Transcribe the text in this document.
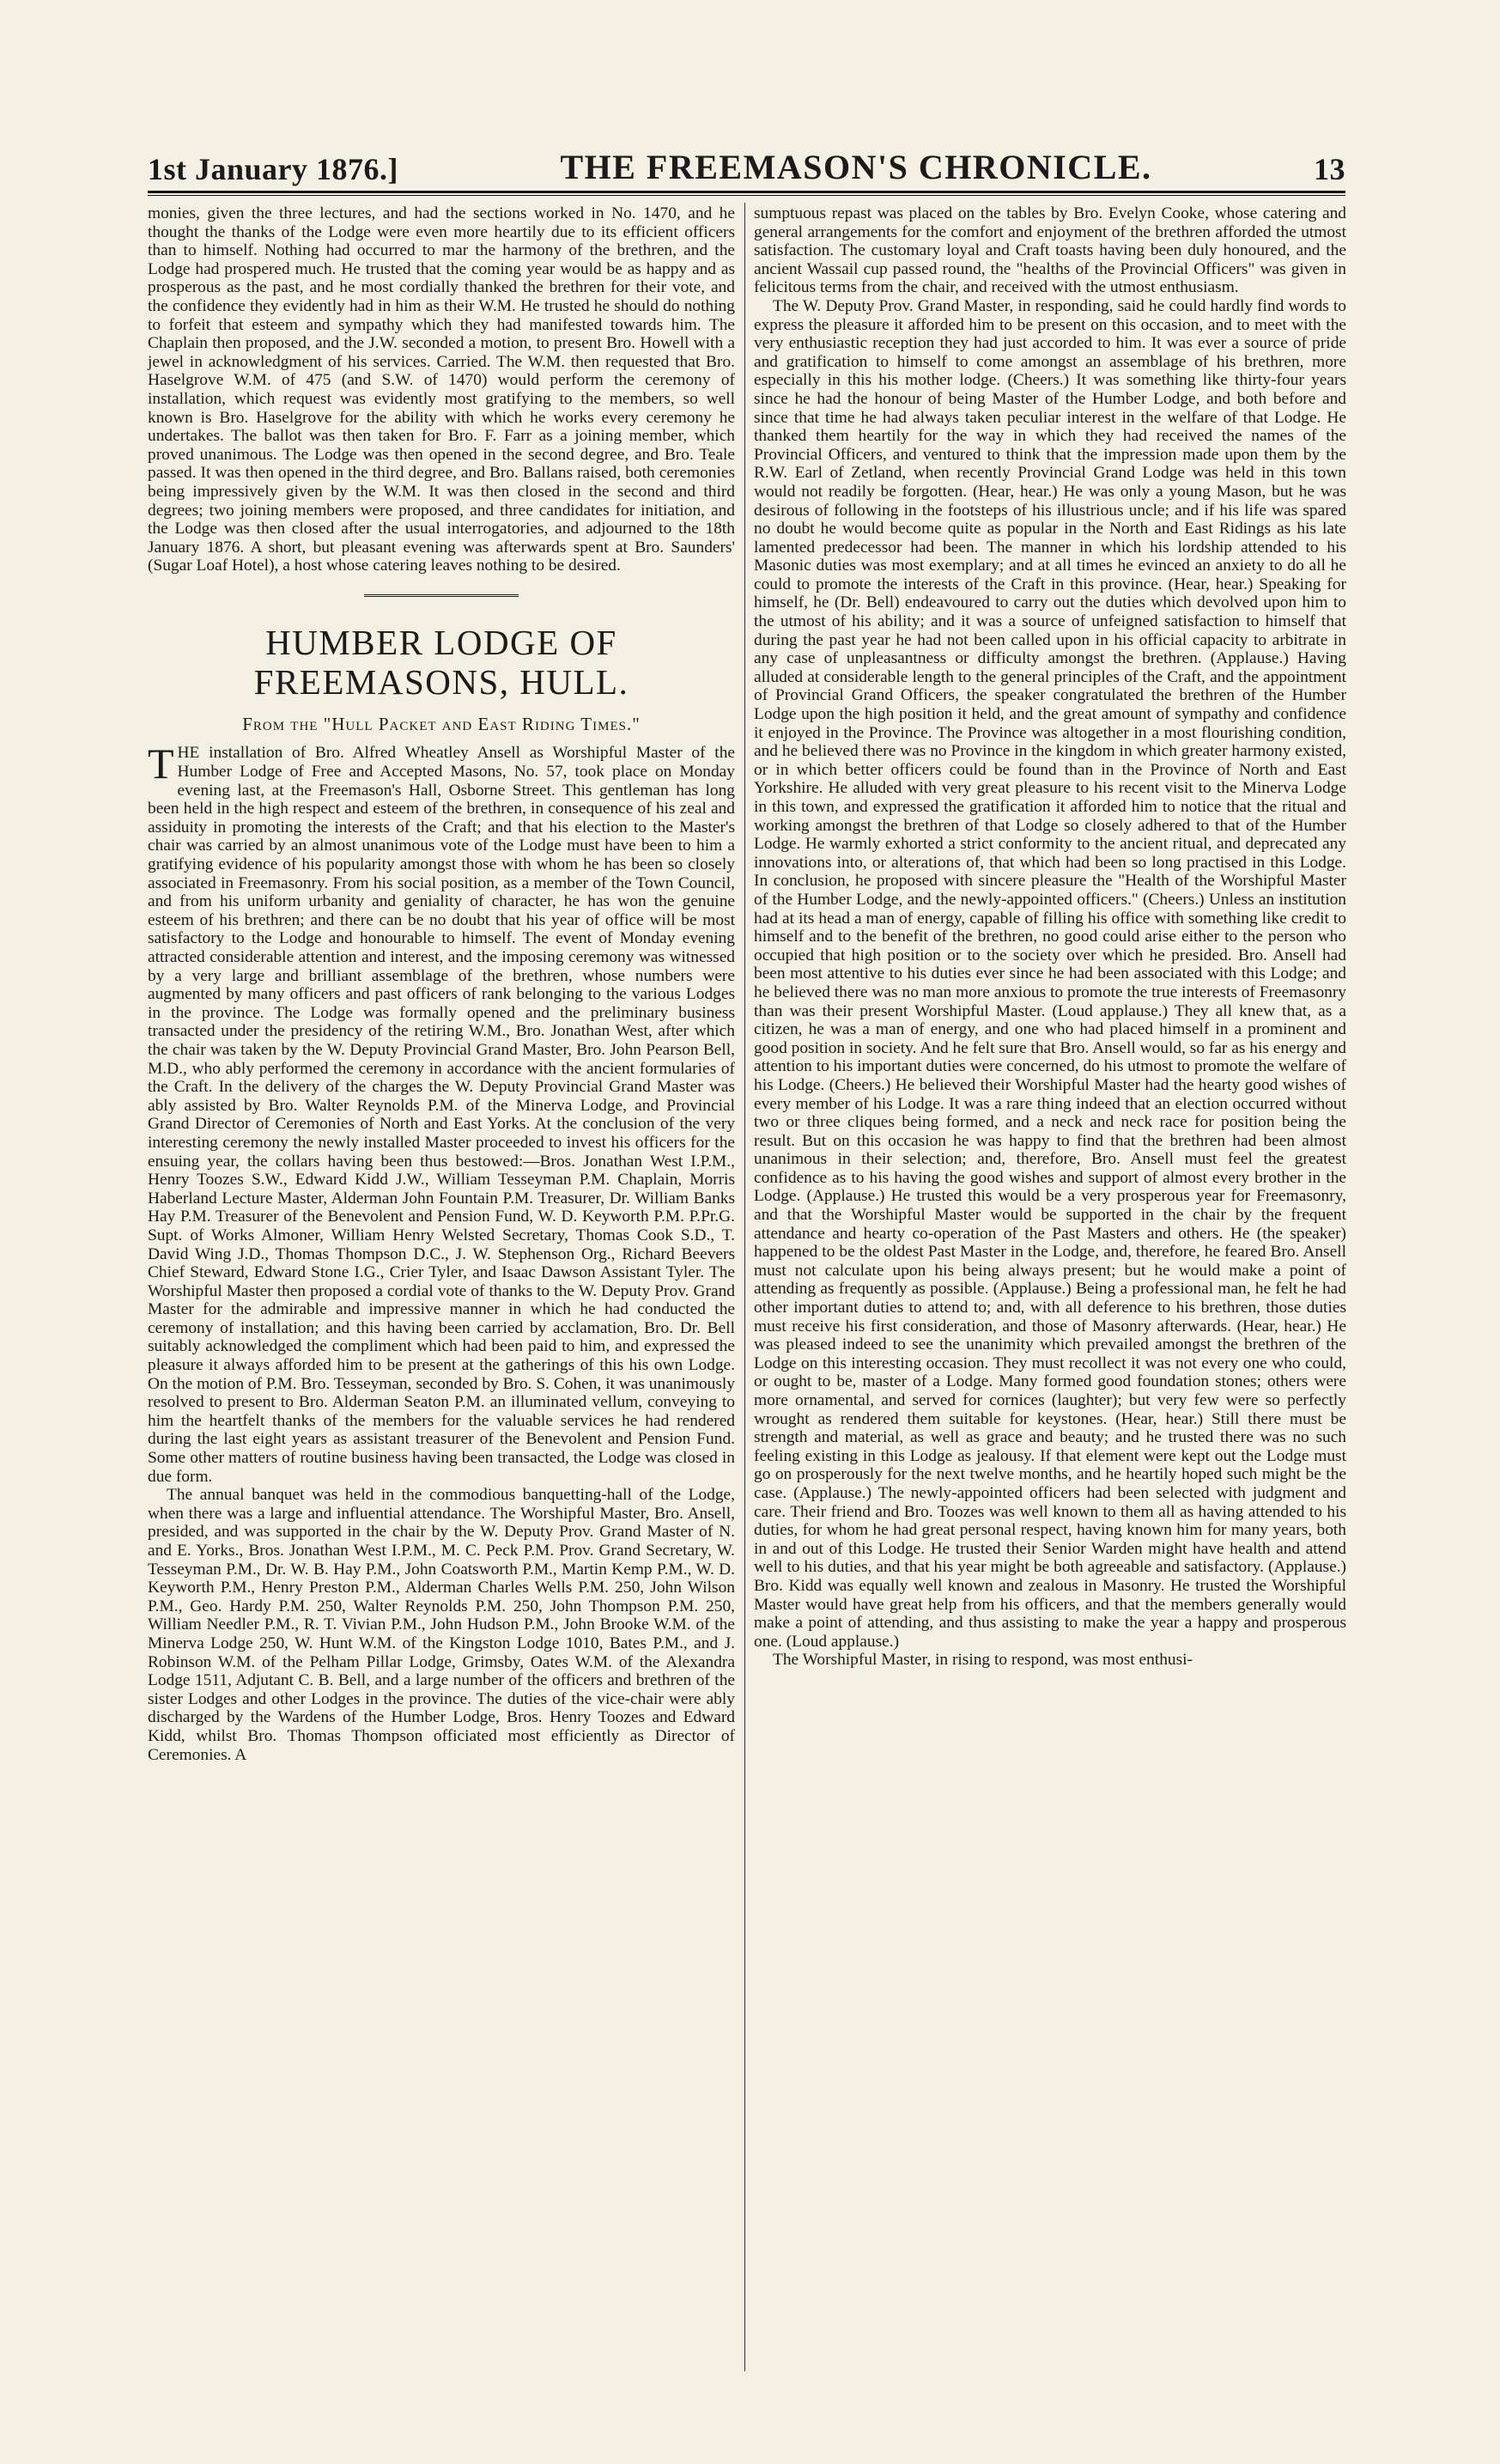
1st January 1876.]	THE FREEMASON'S CHRONICLE.	13

monies, given the three lectures, and had the sections worked in No. 1470, and he thought the thanks of the Lodge were even more heartily due to its efficient officers than to himself. Nothing had occurred to mar the harmony of the brethren, and the Lodge had prospered much. He trusted that the coming year would be as happy and as prosperous as the past, and he most cordially thanked the brethren for their vote, and the confidence they evidently had in him as their W.M. He trusted he should do nothing to forfeit that esteem and sympathy which they had manifested towards him. The Chaplain then proposed, and the J.W. seconded a motion, to present Bro. Howell with a jewel in acknowledgment of his services. Carried. The W.M. then requested that Bro. Haselgrove W.M. of 475 (and S.W. of 1470) would perform the ceremony of installation, which request was evidently most gratifying to the members, so well known is Bro. Haselgrove for the ability with which he works every ceremony he undertakes. The ballot was then taken for Bro. F. Farr as a joining member, which proved unanimous. The Lodge was then opened in the second degree, and Bro. Teale passed. It was then opened in the third degree, and Bro. Ballans raised, both ceremonies being impressively given by the W.M. It was then closed in the second and third degrees; two joining members were proposed, and three candidates for initiation, and the Lodge was then closed after the usual interrogatories, and adjourned to the 18th January 1876. A short, but pleasant evening was afterwards spent at Bro. Saunders' (Sugar Loaf Hotel), a host whose catering leaves nothing to be desired.

HUMBER LODGE OF FREEMASONS, HULL.
From the "Hull Packet and East Riding Times."

THE installation of Bro. Alfred Wheatley Ansell as Worshipful Master of the Humber Lodge of Free and Accepted Masons, No. 57, took place on Monday evening last, at the Freemason's Hall, Osborne Street. This gentleman has long been held in the high respect and esteem of the brethren, in consequence of his zeal and assiduity in promoting the interests of the Craft; and that his election to the Master's chair was carried by an almost unanimous vote of the Lodge must have been to him a gratifying evidence of his popularity amongst those with whom he has been so closely associated in Freemasonry. From his social position, as a member of the Town Council, and from his uniform urbanity and geniality of character, he has won the genuine esteem of his brethren; and there can be no doubt that his year of office will be most satisfactory to the Lodge and honourable to himself. The event of Monday evening attracted considerable attention and interest, and the imposing ceremony was witnessed by a very large and brilliant assemblage of the brethren, whose numbers were augmented by many officers and past officers of rank belonging to the various Lodges in the province. The Lodge was formally opened and the preliminary business transacted under the presidency of the retiring W.M., Bro. Jonathan West, after which the chair was taken by the W. Deputy Provincial Grand Master, Bro. John Pearson Bell, M.D., who ably performed the ceremony in accordance with the ancient formularies of the Craft. In the delivery of the charges the W. Deputy Provincial Grand Master was ably assisted by Bro. Walter Reynolds P.M. of the Minerva Lodge, and Provincial Grand Director of Ceremonies of North and East Yorks. At the conclusion of the very interesting ceremony the newly installed Master proceeded to invest his officers for the ensuing year, the collars having been thus bestowed:—Bros. Jonathan West I.P.M., Henry Toozes S.W., Edward Kidd J.W., William Tesseyman P.M. Chaplain, Morris Haberland Lecture Master, Alderman John Fountain P.M. Treasurer, Dr. William Banks Hay P.M. Treasurer of the Benevolent and Pension Fund, W. D. Keyworth P.M. P.Pr.G. Supt. of Works Almoner, William Henry Welsted Secretary, Thomas Cook S.D., T. David Wing J.D., Thomas Thompson D.C., J. W. Stephenson Org., Richard Beevers Chief Steward, Edward Stone I.G., Crier Tyler, and Isaac Dawson Assistant Tyler. The Worshipful Master then proposed a cordial vote of thanks to the W. Deputy Prov. Grand Master for the admirable and impressive manner in which he had conducted the ceremony of installation; and this having been carried by acclamation, Bro. Dr. Bell suitably acknowledged the compliment which had been paid to him, and expressed the pleasure it always afforded him to be present at the gatherings of this his own Lodge. On the motion of P.M. Bro. Tesseyman, seconded by Bro. S. Cohen, it was unanimously resolved to present to Bro. Alderman Seaton P.M. an illuminated vellum, conveying to him the heartfelt thanks of the members for the valuable services he had rendered during the last eight years as assistant treasurer of the Benevolent and Pension Fund. Some other matters of routine business having been transacted, the Lodge was closed in due form.

The annual banquet was held in the commodious banquetting-hall of the Lodge, when there was a large and influential attendance. The Worshipful Master, Bro. Ansell, presided, and was supported in the chair by the W. Deputy Prov. Grand Master of N. and E. Yorks., Bros. Jonathan West I.P.M., M. C. Peck P.M. Prov. Grand Secretary, W. Tesseyman P.M., Dr. W. B. Hay P.M., John Coatsworth P.M., Martin Kemp P.M., W. D. Keyworth P.M., Henry Preston P.M., Alderman Charles Wells P.M. 250, John Wilson P.M., Geo. Hardy P.M. 250, Walter Reynolds P.M. 250, John Thompson P.M. 250, William Needler P.M., R. T. Vivian P.M., John Hudson P.M., John Brooke W.M. of the Minerva Lodge 250, W. Hunt W.M. of the Kingston Lodge 1010, Bates P.M., and J. Robinson W.M. of the Pelham Pillar Lodge, Grimsby, Oates W.M. of the Alexandra Lodge 1511, Adjutant C. B. Bell, and a large number of the officers and brethren of the sister Lodges and other Lodges in the province. The duties of the vice-chair were ably discharged by the Wardens of the Humber Lodge, Bros. Henry Toozes and Edward Kidd, whilst Bro. Thomas Thompson officiated most efficiently as Director of Ceremonies. A

sumptuous repast was placed on the tables by Bro. Evelyn Cooke, whose catering and general arrangements for the comfort and enjoyment of the brethren afforded the utmost satisfaction. The customary loyal and Craft toasts having been duly honoured, and the ancient Wassail cup passed round, the "healths of the Provincial Officers" was given in felicitous terms from the chair, and received with the utmost enthusiasm.

The W. Deputy Prov. Grand Master, in responding, said he could hardly find words to express the pleasure it afforded him to be present on this occasion, and to meet with the very enthusiastic reception they had just accorded to him. It was ever a source of pride and gratification to himself to come amongst an assemblage of his brethren, more especially in this his mother lodge. (Cheers.) It was something like thirty-four years since he had the honour of being Master of the Humber Lodge, and both before and since that time he had always taken peculiar interest in the welfare of that Lodge. He thanked them heartily for the way in which they had received the names of the Provincial Officers, and ventured to think that the impression made upon them by the R.W. Earl of Zetland, when recently Provincial Grand Lodge was held in this town would not readily be forgotten. (Hear, hear.) He was only a young Mason, but he was desirous of following in the footsteps of his illustrious uncle; and if his life was spared no doubt he would become quite as popular in the North and East Ridings as his late lamented predecessor had been. The manner in which his lordship attended to his Masonic duties was most exemplary; and at all times he evinced an anxiety to do all he could to promote the interests of the Craft in this province. (Hear, hear.) Speaking for himself, he (Dr. Bell) endeavoured to carry out the duties which devolved upon him to the utmost of his ability; and it was a source of unfeigned satisfaction to himself that during the past year he had not been called upon in his official capacity to arbitrate in any case of unpleasantness or difficulty amongst the brethren. (Applause.) Having alluded at considerable length to the general principles of the Craft, and the appointment of Provincial Grand Officers, the speaker congratulated the brethren of the Humber Lodge upon the high position it held, and the great amount of sympathy and confidence it enjoyed in the Province. The Province was altogether in a most flourishing condition, and he believed there was no Province in the kingdom in which greater harmony existed, or in which better officers could be found than in the Province of North and East Yorkshire. He alluded with very great pleasure to his recent visit to the Minerva Lodge in this town, and expressed the gratification it afforded him to notice that the ritual and working amongst the brethren of that Lodge so closely adhered to that of the Humber Lodge. He warmly exhorted a strict conformity to the ancient ritual, and deprecated any innovations into, or alterations of, that which had been so long practised in this Lodge. In conclusion, he proposed with sincere pleasure the "Health of the Worshipful Master of the Humber Lodge, and the newly-appointed officers." (Cheers.) Unless an institution had at its head a man of energy, capable of filling his office with something like credit to himself and to the benefit of the brethren, no good could arise either to the person who occupied that high position or to the society over which he presided. Bro. Ansell had been most attentive to his duties ever since he had been associated with this Lodge; and he believed there was no man more anxious to promote the true interests of Freemasonry than was their present Worshipful Master. (Loud applause.) They all knew that, as a citizen, he was a man of energy, and one who had placed himself in a prominent and good position in society. And he felt sure that Bro. Ansell would, so far as his energy and attention to his important duties were concerned, do his utmost to promote the welfare of his Lodge. (Cheers.) He believed their Worshipful Master had the hearty good wishes of every member of his Lodge. It was a rare thing indeed that an election occurred without two or three cliques being formed, and a neck and neck race for position being the result. But on this occasion he was happy to find that the brethren had been almost unanimous in their selection; and, therefore, Bro. Ansell must feel the greatest confidence as to his having the good wishes and support of almost every brother in the Lodge. (Applause.) He trusted this would be a very prosperous year for Freemasonry, and that the Worshipful Master would be supported in the chair by the frequent attendance and hearty co-operation of the Past Masters and others. He (the speaker) happened to be the oldest Past Master in the Lodge, and, therefore, he feared Bro. Ansell must not calculate upon his being always present; but he would make a point of attending as frequently as possible. (Applause.) Being a professional man, he felt he had other important duties to attend to; and, with all deference to his brethren, those duties must receive his first consideration, and those of Masonry afterwards. (Hear, hear.) He was pleased indeed to see the unanimity which prevailed amongst the brethren of the Lodge on this interesting occasion. They must recollect it was not every one who could, or ought to be, master of a Lodge. Many formed good foundation stones; others were more ornamental, and served for cornices (laughter); but very few were so perfectly wrought as rendered them suitable for keystones. (Hear, hear.) Still there must be strength and material, as well as grace and beauty; and he trusted there was no such feeling existing in this Lodge as jealousy. If that element were kept out the Lodge must go on prosperously for the next twelve months, and he heartily hoped such might be the case. (Applause.) The newly-appointed officers had been selected with judgment and care. Their friend and Bro. Toozes was well known to them all as having attended to his duties, for whom he had great personal respect, having known him for many years, both in and out of this Lodge. He trusted their Senior Warden might have health and attend well to his duties, and that his year might be both agreeable and satisfactory. (Applause.) Bro. Kidd was equally well known and zealous in Masonry. He trusted the Worshipful Master would have great help from his officers, and that the members generally would make a point of attending, and thus assisting to make the year a happy and prosperous one. (Loud applause.)

The Worshipful Master, in rising to respond, was most enthusi-
